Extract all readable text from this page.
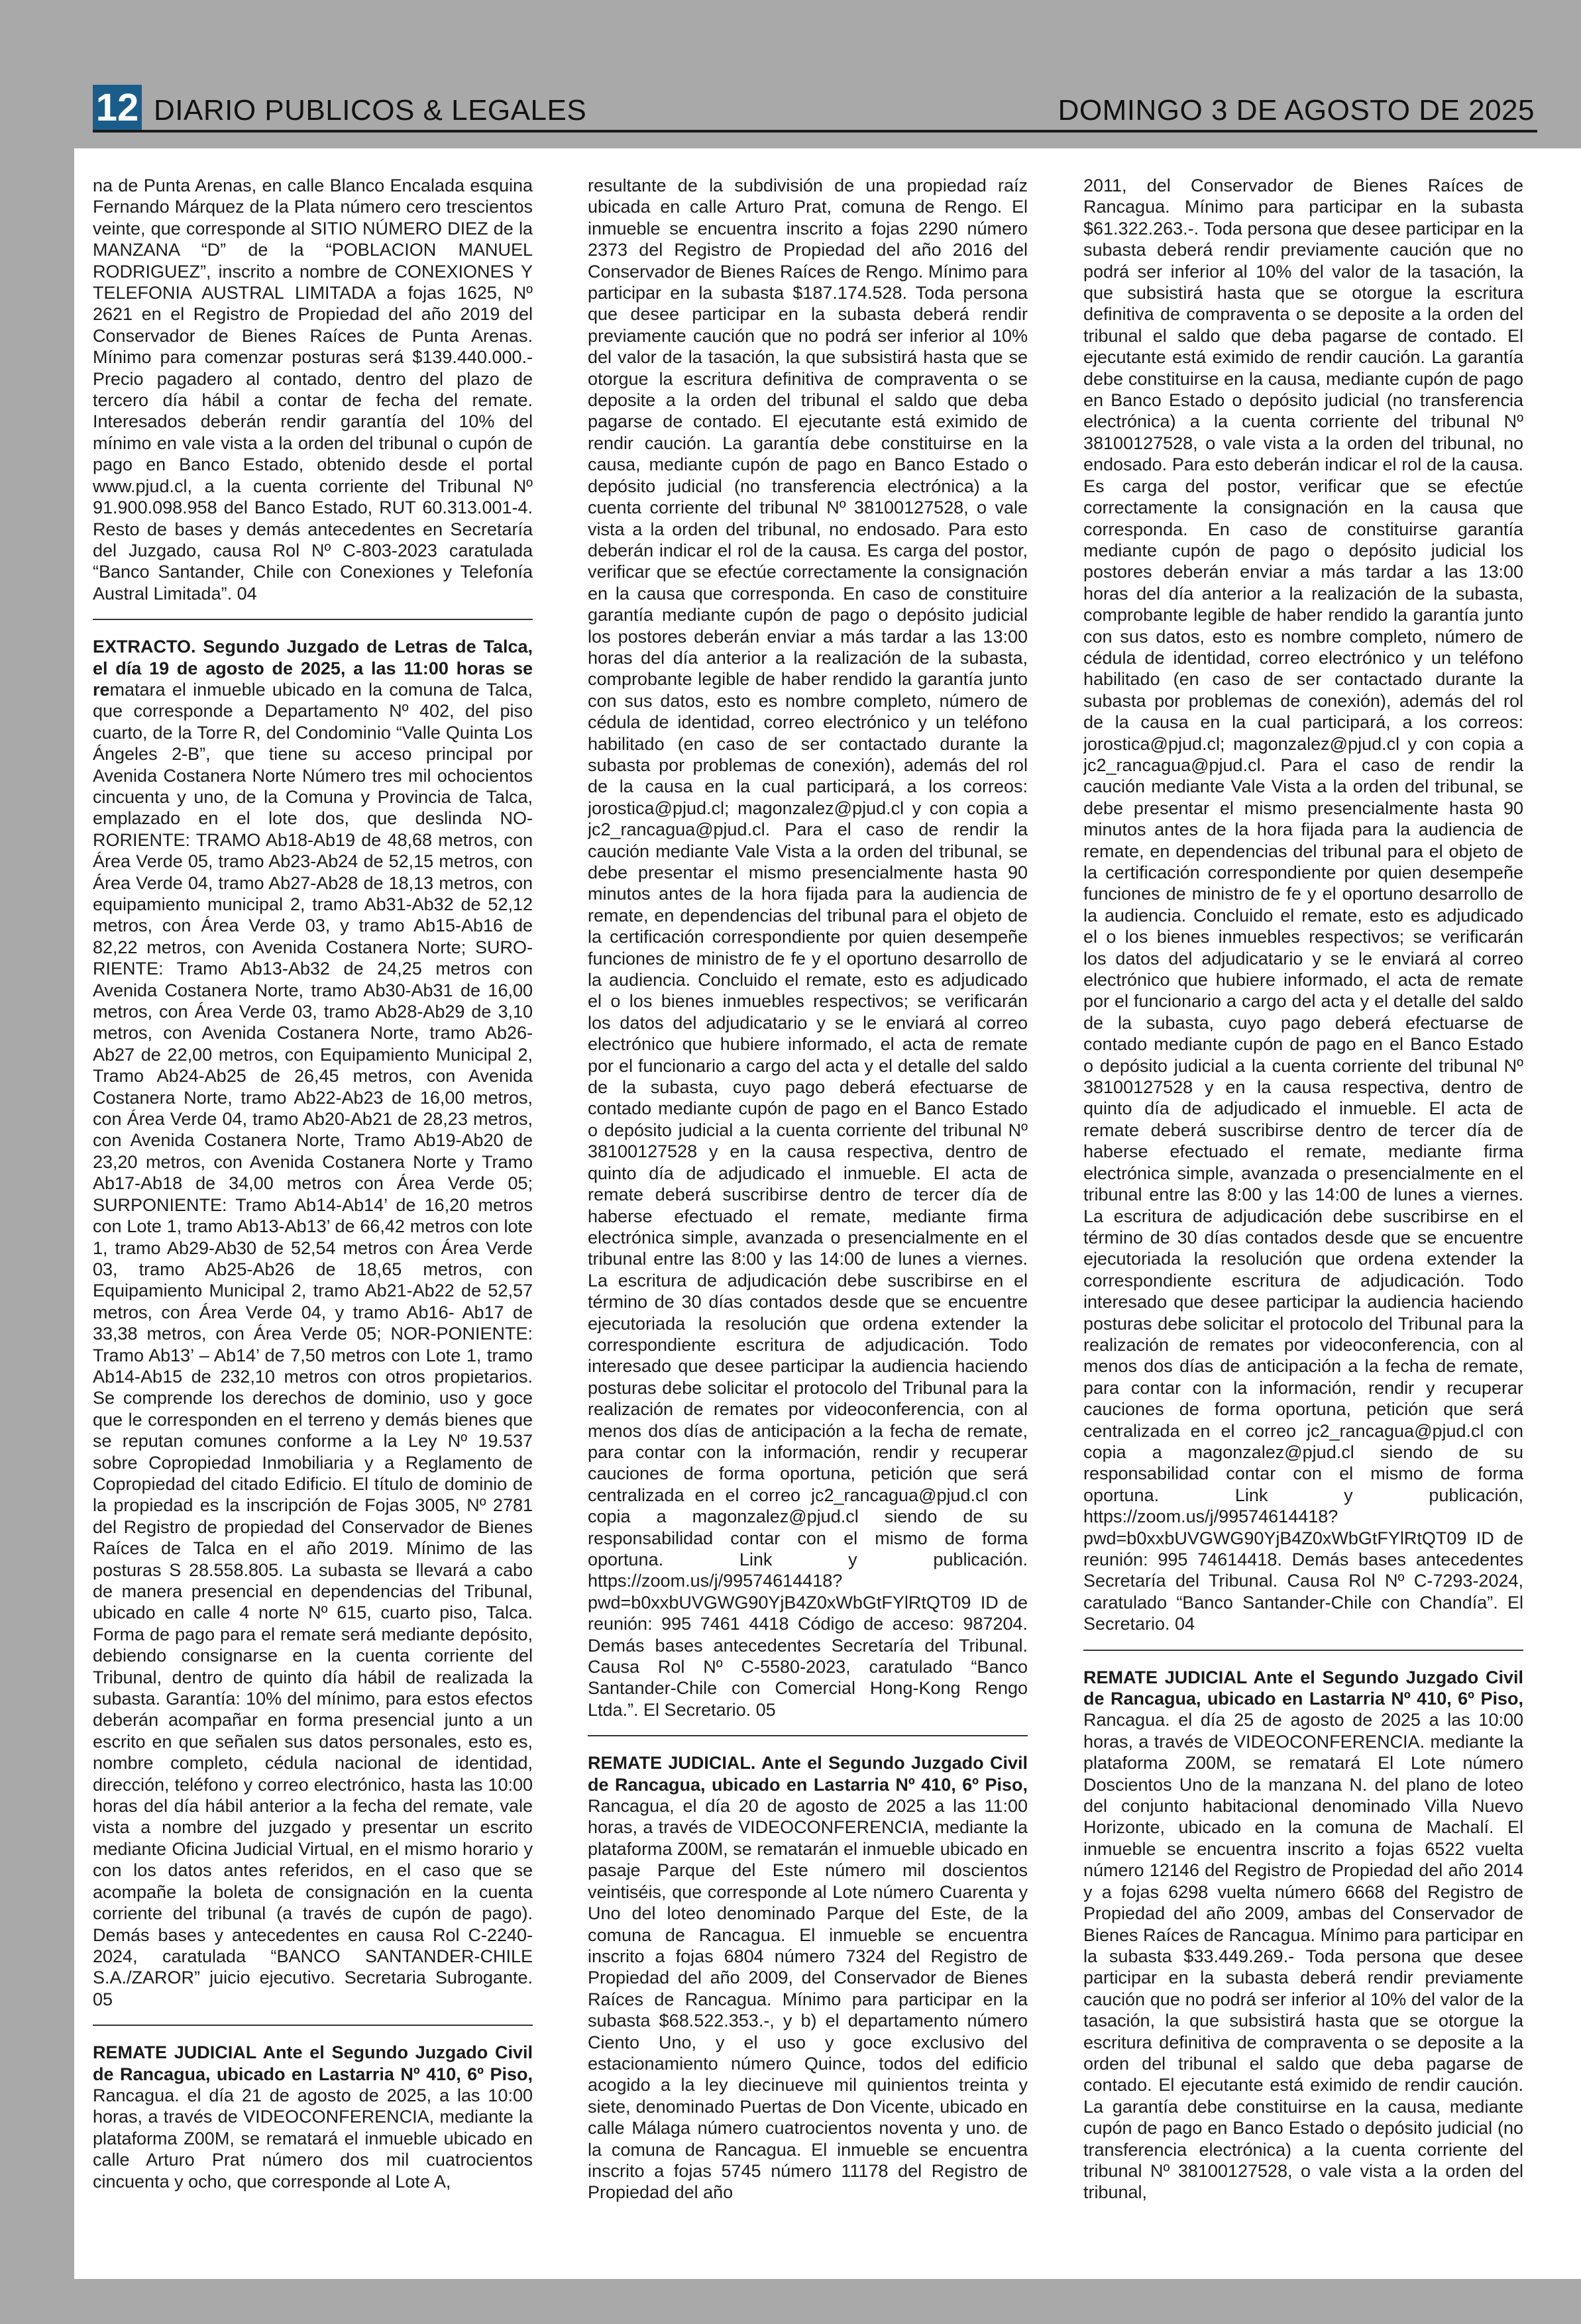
12 DIARIO PUBLICOS & LEGALES	DOMINGO 3 DE AGOSTO DE 2025

na de Punta Arenas, en calle Blanco Encalada esquina Fernando Márquez de la Plata número cero trescientos veinte, que corresponde al SITIO NÚMERO DIEZ de la MANZANA “D” de la “POBLACION MANUEL RODRIGUEZ”, inscrito a nombre de CONEXIONES Y TELEFONIA AUSTRAL LIMITADA a fojas 1625, Nº 2621 en el Registro de Propiedad del año 2019 del Conservador de Bienes Raíces de Punta Arenas. Mínimo para comenzar posturas será $139.440.000.- Precio pagadero al contado, dentro del plazo de tercero día hábil a contar de fecha del remate. Interesados deberán rendir garantía del 10% del mínimo en vale vista a la orden del tribunal o cupón de pago en Banco Estado, obtenido desde el portal www.pjud.cl, a la cuenta corriente del Tribunal Nº 91.900.098.958 del Banco Estado, RUT 60.313.001-4. Resto de bases y demás antecedentes en Secretaría del Juzgado, causa Rol Nº C-803-2023 caratulada “Banco Santander, Chile con Conexiones y Telefonía Austral Limitada”. 04

EXTRACTO. Segundo Juzgado de Letras de Talca, el día 19 de agosto de 2025, a las 11:00 horas se rematara el inmueble ubicado en la comuna de Talca, que corresponde a Departamento Nº 402, del piso cuarto, de la Torre R, del Condominio “Valle Quinta Los Ángeles 2-B”, que tiene su acceso principal por Avenida Costanera Norte Número tres mil ochocientos cincuenta y uno, de la Comuna y Provincia de Talca, emplazado en el lote dos, que deslinda NO-RORIENTE: TRAMO Ab18-Ab19 de 48,68 metros, con Área Verde 05, tramo Ab23-Ab24 de 52,15 metros, con Área Verde 04, tramo Ab27-Ab28 de 18,13 metros, con equipamiento municipal 2, tramo Ab31-Ab32 de 52,12 metros, con Área Verde 03, y tramo Ab15-Ab16 de 82,22 metros, con Avenida Costanera Norte; SURO-RIENTE: Tramo Ab13-Ab32 de 24,25 metros con Avenida Costanera Norte, tramo Ab30-Ab31 de 16,00 metros, con Área Verde 03, tramo Ab28-Ab29 de 3,10 metros, con Avenida Costanera Norte, tramo Ab26-Ab27 de 22,00 metros, con Equipamiento Municipal 2, Tramo Ab24-Ab25 de 26,45 metros, con Avenida Costanera Norte, tramo Ab22-Ab23 de 16,00 metros, con Área Verde 04, tramo Ab20-Ab21 de 28,23 metros, con Avenida Costanera Norte, Tramo Ab19-Ab20 de 23,20 metros, con Avenida Costanera Norte y Tramo Ab17-Ab18 de 34,00 metros con Área Verde 05; SURPONIENTE: Tramo Ab14-Ab14’ de 16,20 metros con Lote 1, tramo Ab13-Ab13’ de 66,42 metros con lote 1, tramo Ab29-Ab30 de 52,54 metros con Área Verde 03, tramo Ab25-Ab26 de 18,65 metros, con Equipamiento Municipal 2, tramo Ab21-Ab22 de 52,57 metros, con Área Verde 04, y tramo Ab16- Ab17 de 33,38 metros, con Área Verde 05; NOR-PONIENTE: Tramo Ab13’ – Ab14’ de 7,50 metros con Lote 1, tramo Ab14-Ab15 de 232,10 metros con otros propietarios. Se comprende los derechos de dominio, uso y goce que le corresponden en el terreno y demás bienes que se reputan comunes conforme a la Ley Nº 19.537 sobre Copropiedad Inmobiliaria y a Reglamento de Copropiedad del citado Edificio. El título de dominio de la propiedad es la inscripción de Fojas 3005, Nº 2781 del Registro de propiedad del Conservador de Bienes Raíces de Talca en el año 2019. Mínimo de las posturas S 28.558.805. La subasta se llevará a cabo de manera presencial en dependencias del Tribunal, ubicado en calle 4 norte Nº 615, cuarto piso, Talca. Forma de pago para el remate será mediante depósito, debiendo consignarse en la cuenta corriente del Tribunal, dentro de quinto día hábil de realizada la subasta. Garantía: 10% del mínimo, para estos efectos deberán acompañar en forma presencial junto a un escrito en que señalen sus datos personales, esto es, nombre completo, cédula nacional de identidad, dirección, teléfono y correo electrónico, hasta las 10:00 horas del día hábil anterior a la fecha del remate, vale vista a nombre del juzgado y presentar un escrito mediante Oficina Judicial Virtual, en el mismo horario y con los datos antes referidos, en el caso que se acompañe la boleta de consignación en la cuenta corriente del tribunal (a través de cupón de pago). Demás bases y antecedentes en causa Rol C-2240-2024, caratulada “BANCO SANTANDER-CHILE S.A./ZAROR” juicio ejecutivo. Secretaria Subrogante. 05

REMATE JUDICIAL Ante el Segundo Juzgado Civil de Rancagua, ubicado en Lastarria Nº 410, 6º Piso, Rancagua. el día 21 de agosto de 2025, a las 10:00 horas, a través de VIDEOCONFERENCIA, mediante la plataforma Z00M, se rematará el inmueble ubicado en calle Arturo Prat número dos mil cuatrocientos cincuenta y ocho, que corresponde al Lote A,

resultante de la subdivisión de una propiedad raíz ubicada en calle Arturo Prat, comuna de Rengo. El inmueble se encuentra inscrito a fojas 2290 número 2373 del Registro de Propiedad del año 2016 del Conservador de Bienes Raíces de Rengo. Mínimo para participar en la subasta $187.174.528. Toda persona que desee participar en la subasta deberá rendir previamente caución que no podrá ser inferior al 10% del valor de la tasación, la que subsistirá hasta que se otorgue la escritura definitiva de compraventa o se deposite a la orden del tribunal el saldo que deba pagarse de contado. El ejecutante está eximido de rendir caución. La garantía debe constituirse en la causa, mediante cupón de pago en Banco Estado o depósito judicial (no transferencia electrónica) a la cuenta corriente del tribunal Nº 38100127528, o vale vista a la orden del tribunal, no endosado. Para esto deberán indicar el rol de la causa. Es carga del postor, verificar que se efectúe correctamente la consignación en la causa que corresponda. En caso de constituire garantía mediante cupón de pago o depósito judicial los postores deberán enviar a más tardar a las 13:00 horas del día anterior a la realización de la subasta, comprobante legible de haber rendido la garantía junto con sus datos, esto es nombre completo, número de cédula de identidad, correo electrónico y un teléfono habilitado (en caso de ser contactado durante la subasta por problemas de conexión), además del rol de la causa en la cual participará, a los correos: jorostica@pjud.cl; magonzalez@pjud.cl y con copia a jc2_rancagua@pjud.cl. Para el caso de rendir la caución mediante Vale Vista a la orden del tribunal, se debe presentar el mismo presencialmente hasta 90 minutos antes de la hora fijada para la audiencia de remate, en dependencias del tribunal para el objeto de la certificación correspondiente por quien desempeñe funciones de ministro de fe y el oportuno desarrollo de la audiencia. Concluido el remate, esto es adjudicado el o los bienes inmuebles respectivos; se verificarán los datos del adjudicatario y se le enviará al correo electrónico que hubiere informado, el acta de remate por el funcionario a cargo del acta y el detalle del saldo de la subasta, cuyo pago deberá efectuarse de contado mediante cupón de pago en el Banco Estado o depósito judicial a la cuenta corriente del tribunal Nº 38100127528 y en la causa respectiva, dentro de quinto día de adjudicado el inmueble. El acta de remate deberá suscribirse dentro de tercer día de haberse efectuado el remate, mediante firma electrónica simple, avanzada o presencialmente en el tribunal entre las 8:00 y las 14:00 de lunes a viernes. La escritura de adjudicación debe suscribirse en el término de 30 días contados desde que se encuentre ejecutoriada la resolución que ordena extender la correspondiente escritura de adjudicación. Todo interesado que desee participar la audiencia haciendo posturas debe solicitar el protocolo del Tribunal para la realización de remates por videoconferencia, con al menos dos días de anticipación a la fecha de remate, para contar con la información, rendir y recuperar cauciones de forma oportuna, petición que será centralizada en el correo jc2_rancagua@pjud.cl con copia a magonzalez@pjud.cl siendo de su responsabilidad contar con el mismo de forma oportuna. Link y publicación. https://zoom.us/j/99574614418?pwd=b0xxbUVGWG90YjB4Z0xWbGtFYlRtQT09 ID de reunión: 995 7461 4418 Código de acceso: 987204. Demás bases antecedentes Secretaría del Tribunal. Causa Rol Nº C-5580-2023, caratulado “Banco Santander-Chile con Comercial Hong-Kong Rengo Ltda.”. El Secretario. 05

REMATE JUDICIAL. Ante el Segundo Juzgado Civil de Rancagua, ubicado en Lastarria Nº 410, 6º Piso, Rancagua, el día 20 de agosto de 2025 a las 11:00 horas, a través de VIDEOCONFERENCIA, mediante la plataforma Z00M, se rematarán el inmueble ubicado en pasaje Parque del Este número mil doscientos veintiséis, que corresponde al Lote número Cuarenta y Uno del loteo denominado Parque del Este, de la comuna de Rancagua. El inmueble se encuentra inscrito a fojas 6804 número 7324 del Registro de Propiedad del año 2009, del Conservador de Bienes Raíces de Rancagua. Mínimo para participar en la subasta $68.522.353.-, y b) el departamento número Ciento Uno, y el uso y goce exclusivo del estacionamiento número Quince, todos del edificio acogido a la ley diecinueve mil quinientos treinta y siete, denominado Puertas de Don Vicente, ubicado en calle Málaga número cuatrocientos noventa y uno. de la comuna de Rancagua. El inmueble se encuentra inscrito a fojas 5745 número 11178 del Registro de Propiedad del año

2011, del Conservador de Bienes Raíces de Rancagua. Mínimo para participar en la subasta $61.322.263.-. Toda persona que desee participar en la subasta deberá rendir previamente caución que no podrá ser inferior al 10% del valor de la tasación, la que subsistirá hasta que se otorgue la escritura definitiva de compraventa o se deposite a la orden del tribunal el saldo que deba pagarse de contado. El ejecutante está eximido de rendir caución. La garantía debe constituirse en la causa, mediante cupón de pago en Banco Estado o depósito judicial (no transferencia electrónica) a la cuenta corriente del tribunal Nº 38100127528, o vale vista a la orden del tribunal, no endosado. Para esto deberán indicar el rol de la causa. Es carga del postor, verificar que se efectúe correctamente la consignación en la causa que corresponda. En caso de constituirse garantía mediante cupón de pago o depósito judicial los postores deberán enviar a más tardar a las 13:00 horas del día anterior a la realización de la subasta, comprobante legible de haber rendido la garantía junto con sus datos, esto es nombre completo, número de cédula de identidad, correo electrónico y un teléfono habilitado (en caso de ser contactado durante la subasta por problemas de conexión), además del rol de la causa en la cual participará, a los correos: jorostica@pjud.cl; magonzalez@pjud.cl y con copia a jc2_rancagua@pjud.cl. Para el caso de rendir la caución mediante Vale Vista a la orden del tribunal, se debe presentar el mismo presencialmente hasta 90 minutos antes de la hora fijada para la audiencia de remate, en dependencias del tribunal para el objeto de la certificación correspondiente por quien desempeñe funciones de ministro de fe y el oportuno desarrollo de la audiencia. Concluido el remate, esto es adjudicado el o los bienes inmuebles respectivos; se verificarán los datos del adjudicatario y se le enviará al correo electrónico que hubiere informado, el acta de remate por el funcionario a cargo del acta y el detalle del saldo de la subasta, cuyo pago deberá efectuarse de contado mediante cupón de pago en el Banco Estado o depósito judicial a la cuenta corriente del tribunal Nº 38100127528 y en la causa respectiva, dentro de quinto día de adjudicado el inmueble. El acta de remate deberá suscribirse dentro de tercer día de haberse efectuado el remate, mediante firma electrónica simple, avanzada o presencialmente en el tribunal entre las 8:00 y las 14:00 de lunes a viernes. La escritura de adjudicación debe suscribirse en el término de 30 días contados desde que se encuentre ejecutoriada la resolución que ordena extender la correspondiente escritura de adjudicación. Todo interesado que desee participar la audiencia haciendo posturas debe solicitar el protocolo del Tribunal para la realización de remates por videoconferencia, con al menos dos días de anticipación a la fecha de remate, para contar con la información, rendir y recuperar cauciones de forma oportuna, petición que será centralizada en el correo jc2_rancagua@pjud.cl con copia a magonzalez@pjud.cl siendo de su responsabilidad contar con el mismo de forma oportuna. Link y publicación, https://zoom.us/j/99574614418?pwd=b0xxbUVGWG90YjB4Z0xWbGtFYlRtQT09 ID de reunión: 995 74614418. Demás bases antecedentes Secretaría del Tribunal. Causa Rol Nº C-7293-2024, caratulado “Banco Santander-Chile con Chandía”. El Secretario. 04

REMATE JUDICIAL Ante el Segundo Juzgado Civil de Rancagua, ubicado en Lastarria Nº 410, 6º Piso, Rancagua. el día 25 de agosto de 2025 a las 10:00 horas, a través de VIDEOCONFERENCIA. mediante la plataforma Z00M, se rematará El Lote número Doscientos Uno de la manzana N. del plano de loteo del conjunto habitacional denominado Villa Nuevo Horizonte, ubicado en la comuna de Machalí. El inmueble se encuentra inscrito a fojas 6522 vuelta número 12146 del Registro de Propiedad del año 2014 y a fojas 6298 vuelta número 6668 del Registro de Propiedad del año 2009, ambas del Conservador de Bienes Raíces de Rancagua. Mínimo para participar en la subasta $33.449.269.- Toda persona que desee participar en la subasta deberá rendir previamente caución que no podrá ser inferior al 10% del valor de la tasación, la que subsistirá hasta que se otorgue la escritura definitiva de compraventa o se deposite a la orden del tribunal el saldo que deba pagarse de contado. El ejecutante está eximido de rendir caución. La garantía debe constituirse en la causa, mediante cupón de pago en Banco Estado o depósito judicial (no transferencia electrónica) a la cuenta corriente del tribunal Nº 38100127528, o vale vista a la orden del tribunal,
